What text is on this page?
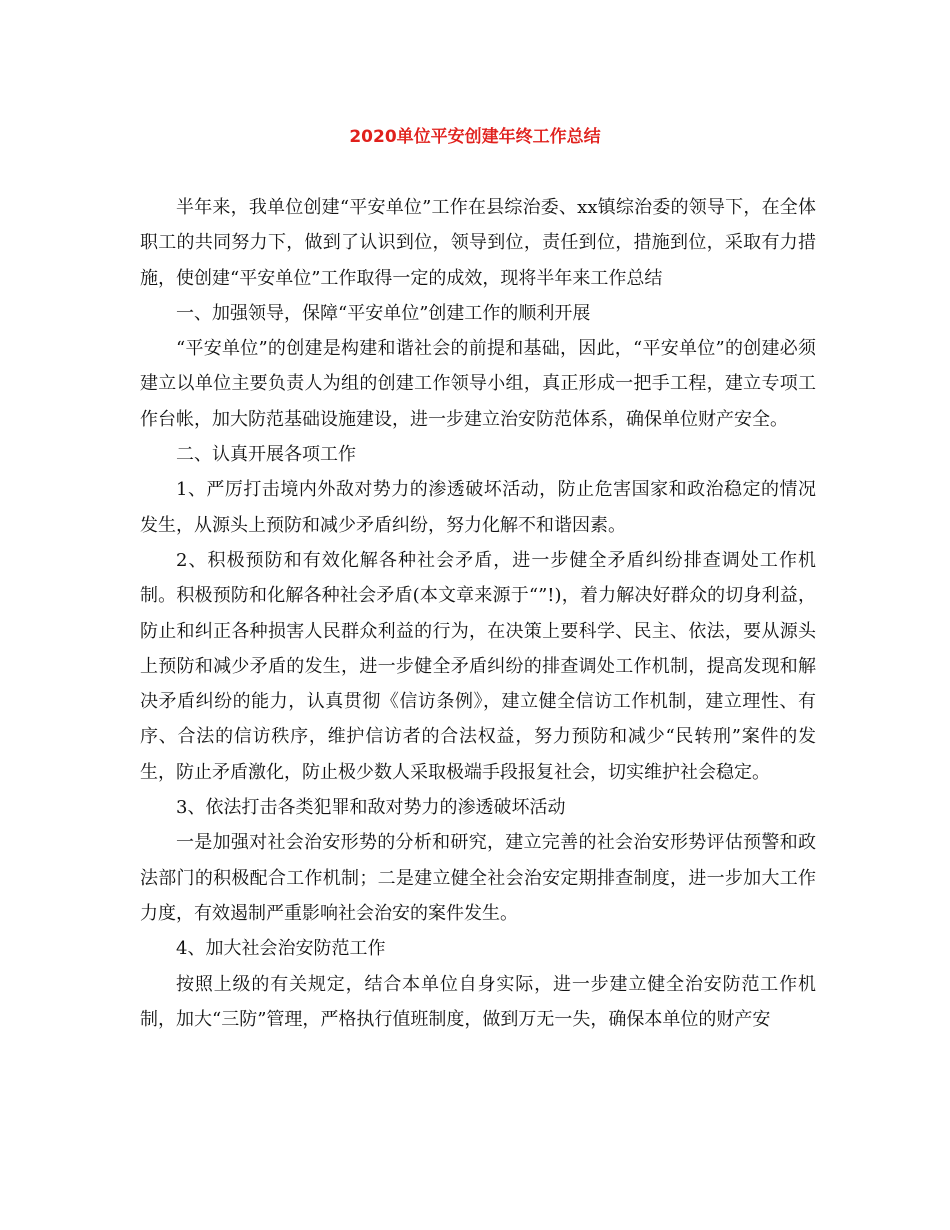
2020单位平安创建年终工作总结

半年来，我单位创建“平安单位”工作在县综治委、xx镇综治委的领导下，在全体职工的共同努力下，做到了认识到位，领导到位，责任到位，措施到位，采取有力措施，使创建“平安单位”工作取得一定的成效，现将半年来工作总结

一、加强领导，保障“平安单位”创建工作的顺利开展

“平安单位”的创建是构建和谐社会的前提和基础，因此，“平安单位”的创建必须建立以单位主要负责人为组的创建工作领导小组，真正形成一把手工程，建立专项工作台帐，加大防范基础设施建设，进一步建立治安防范体系，确保单位财产安全。

二、认真开展各项工作

1、严厉打击境内外敌对势力的渗透破坏活动，防止危害国家和政治稳定的情况发生，从源头上预防和减少矛盾纠纷，努力化解不和谐因素。

2、积极预防和有效化解各种社会矛盾，进一步健全矛盾纠纷排查调处工作机制。积极预防和化解各种社会矛盾(本文章来源于“”!)，着力解决好群众的切身利益，防止和纠正各种损害人民群众利益的行为，在决策上要科学、民主、依法，要从源头上预防和减少矛盾的发生，进一步健全矛盾纠纷的排查调处工作机制，提高发现和解决矛盾纠纷的能力，认真贯彻《信访条例》，建立健全信访工作机制，建立理性、有序、合法的信访秩序，维护信访者的合法权益，努力预防和减少“民转刑”案件的发生，防止矛盾激化，防止极少数人采取极端手段报复社会，切实维护社会稳定。

3、依法打击各类犯罪和敌对势力的渗透破坏活动

一是加强对社会治安形势的分析和研究，建立完善的社会治安形势评估预警和政法部门的积极配合工作机制；二是建立健全社会治安定期排查制度，进一步加大工作力度，有效遏制严重影响社会治安的案件发生。

4、加大社会治安防范工作

按照上级的有关规定，结合本单位自身实际，进一步建立健全治安防范工作机制，加大“三防”管理，严格执行值班制度，做到万无一失，确保本单位的财产安
